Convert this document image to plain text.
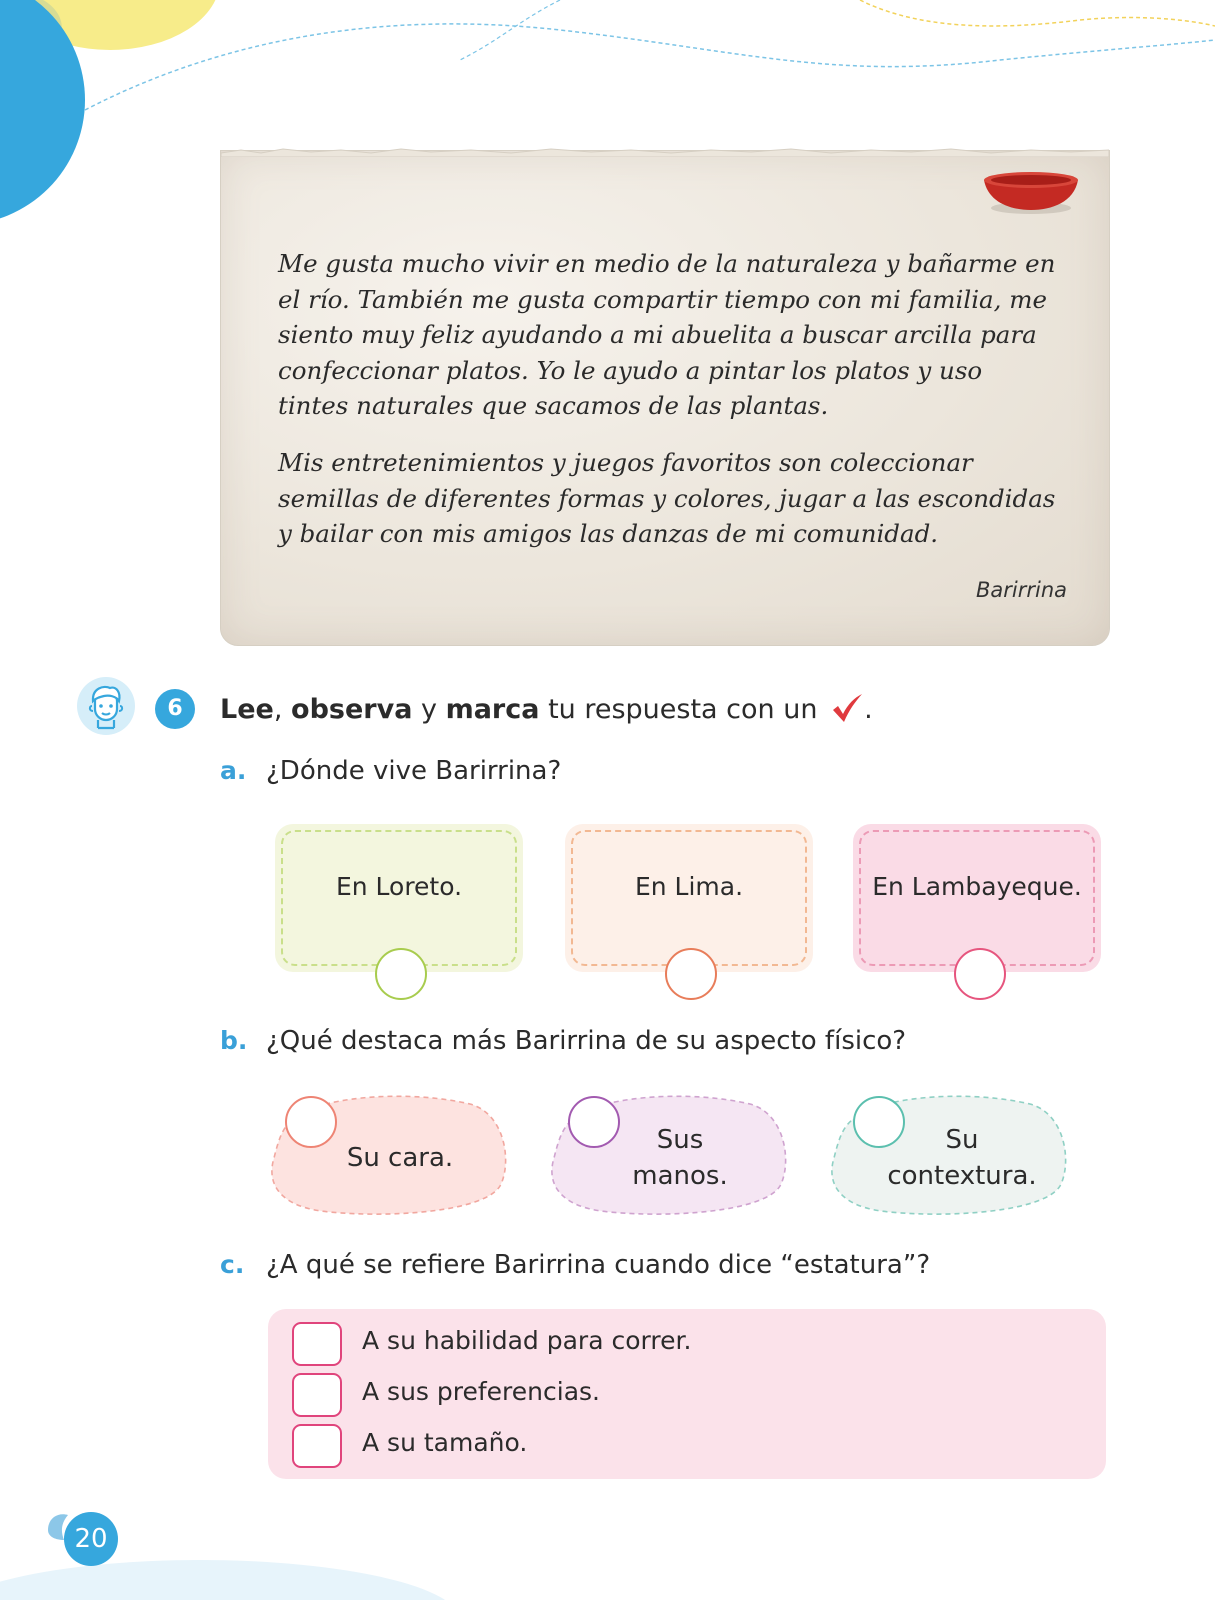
Me gusta mucho vivir en medio de la naturaleza y bañarme en el río. También me gusta compartir tiempo con mi familia, me siento muy feliz ayudando a mi abuelita a buscar arcilla para confeccionar platos. Yo le ayudo a pintar los platos y uso tintes naturales que sacamos de las plantas.
Mis entretenimientos y juegos favoritos son coleccionar semillas de diferentes formas y colores, jugar a las escondidas y bailar con mis amigos las danzas de mi comunidad.
Barirrina
6	Lee, observa y marca tu respuesta con un .
a. ¿Dónde vive Barirrina?
En Loreto.	En Lima.	En Lambayeque.
b. ¿Qué destaca más Barirrina de su aspecto físico?
Su cara.
Sus
manos.
Su
contextura.
c. ¿A qué se refiere Barirrina cuando dice “estatura”?
A su habilidad para correr.
A sus preferencias.
A su tamaño.
20
